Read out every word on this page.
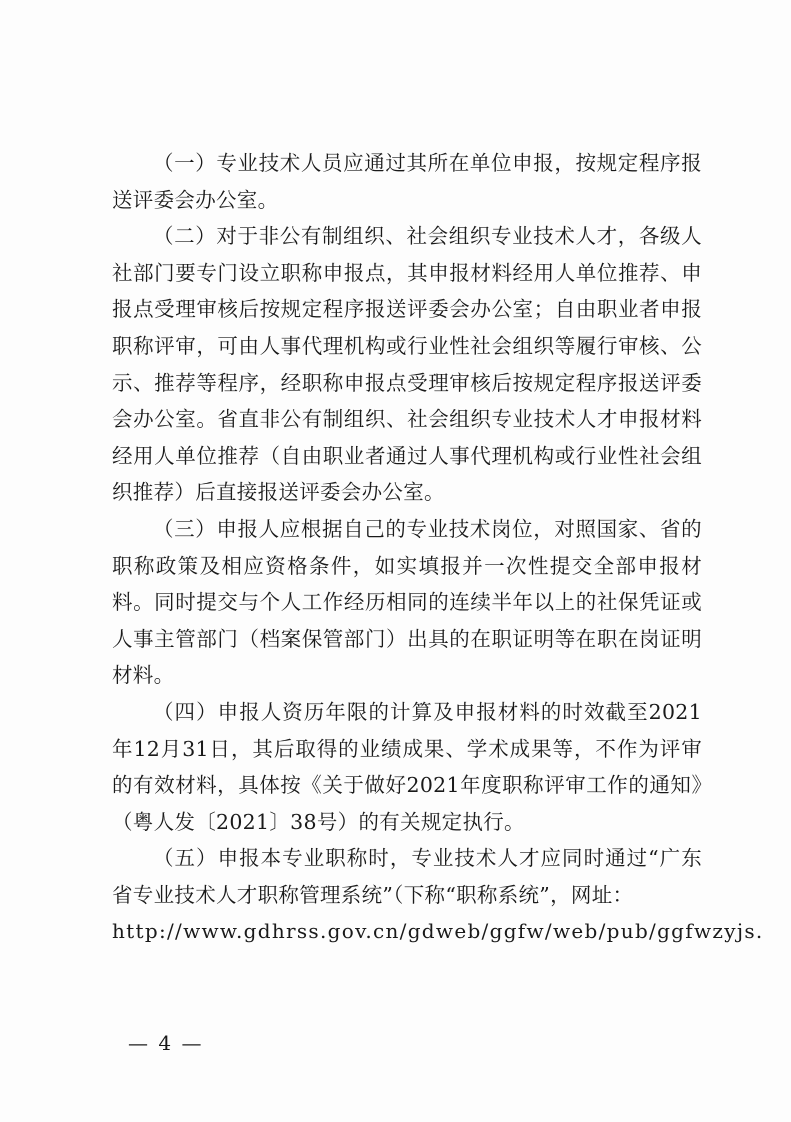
（一）专业技术人员应通过其所在单位申报，按规定程序报送评委会办公室。

（二）对于非公有制组织、社会组织专业技术人才，各级人社部门要专门设立职称申报点，其申报材料经用人单位推荐、申报点受理审核后按规定程序报送评委会办公室；自由职业者申报职称评审，可由人事代理机构或行业性社会组织等履行审核、公示、推荐等程序，经职称申报点受理审核后按规定程序报送评委会办公室。省直非公有制组织、社会组织专业技术人才申报材料经用人单位推荐（自由职业者通过人事代理机构或行业性社会组织推荐）后直接报送评委会办公室。

（三）申报人应根据自己的专业技术岗位，对照国家、省的职称政策及相应资格条件，如实填报并一次性提交全部申报材料。同时提交与个人工作经历相同的连续半年以上的社保凭证或人事主管部门（档案保管部门）出具的在职证明等在职在岗证明材料。

（四）申报人资历年限的计算及申报材料的时效截至2021年12月31日，其后取得的业绩成果、学术成果等，不作为评审的有效材料，具体按《关于做好2021年度职称评审工作的通知》（粤人发〔2021〕38号）的有关规定执行。

（五）申报本专业职称时，专业技术人才应同时通过“广东省专业技术人才职称管理系统”（下称“职称系统”，网址：

http://www.gdhrss.gov.cn/gdweb/ggfw/web/pub/ggfwzyjs.

— 4 —
